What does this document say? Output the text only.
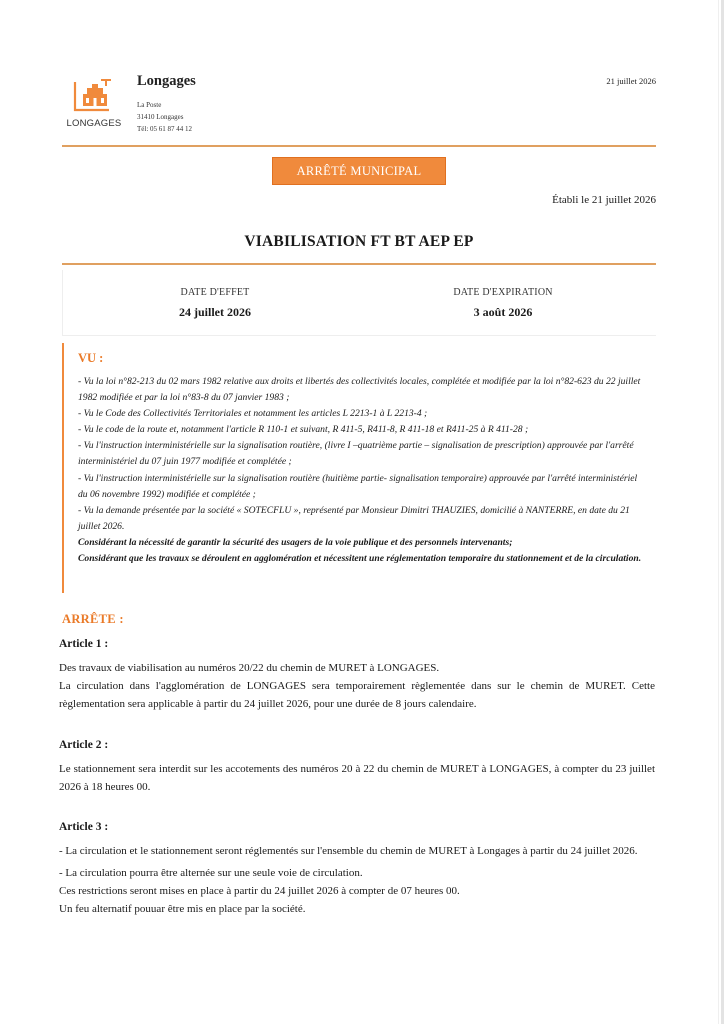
LONGAGES
Longages
La Poste
31410 Longages
Tél: 05 61 87 44 12
21 juillet 2026
ARRÊTÉ MUNICIPAL
Établi le 21 juillet 2026
VIABILISATION FT BT AEP EP
DATE D'EFFET
24 juillet 2026
DATE D'EXPIRATION
3 août 2026
VU :

- Vu la loi n°82-213 du 02 mars 1982 relative aux droits et libertés des collectivités locales, complétée et modifiée par la loi n°82-623 du 22 juillet 1982 modifiée et par la loi n°83-8 du 07 janvier 1983 ;

- Vu le Code des Collectivités Territoriales et notamment les articles L 2213-1 à L 2213-4 ;

- Vu le code de la route et, notamment l'article R 110-1 et suivant, R 411-5, R411-8, R 411-18 et R411-25 à R 411-28 ;

- Vu l'instruction interministérielle sur la signalisation routière, (livre I –quatrième partie – signalisation de prescription) approuvée par l'arrêté interministériel du 07 juin 1977 modifiée et complétée ;

- Vu l'instruction interministérielle sur la signalisation routière (huitième partie- signalisation temporaire) approuvée par l'arrêté interministériel du 06 novembre 1992) modifiée et complétée ;

- Vu la demande présentée par la société « SOTECFLU », représenté par Monsieur Dimitri THAUZIES, domicilié à NANTERRE, en date du 21 juillet 2026.

Considérant la nécessité de garantir la sécurité des usagers de la voie publique et des personnels intervenants;

Considérant que les travaux se déroulent en agglomération et nécessitent une réglementation temporaire du stationnement et de la circulation.

ARRÊTE :
Article 1 :

Des travaux de viabilisation au numéros 20/22 du chemin de MURET à LONGAGES.

La circulation dans l'agglomération de LONGAGES sera temporairement règlementée dans sur le chemin de MURET. Cette règlementation sera applicable à partir du 24 juillet 2026, pour une durée de 8 jours calendaire.

Article 2 :

Le stationnement sera interdit sur les accotements des numéros 20 à 22 du chemin de MURET à LONGAGES, à compter du 23 juillet 2026 à 18 heures 00.

Article 3 :

- La circulation et le stationnement seront réglementés sur l'ensemble du chemin de MURET à Longages à partir du 24 juillet 2026.

- La circulation pourra être alternée sur une seule voie de circulation.

Ces restrictions seront mises en place à partir du 24 juillet 2026 à compter de 07 heures 00.

Un feu alternatif pouuar être mis en place par la société.
